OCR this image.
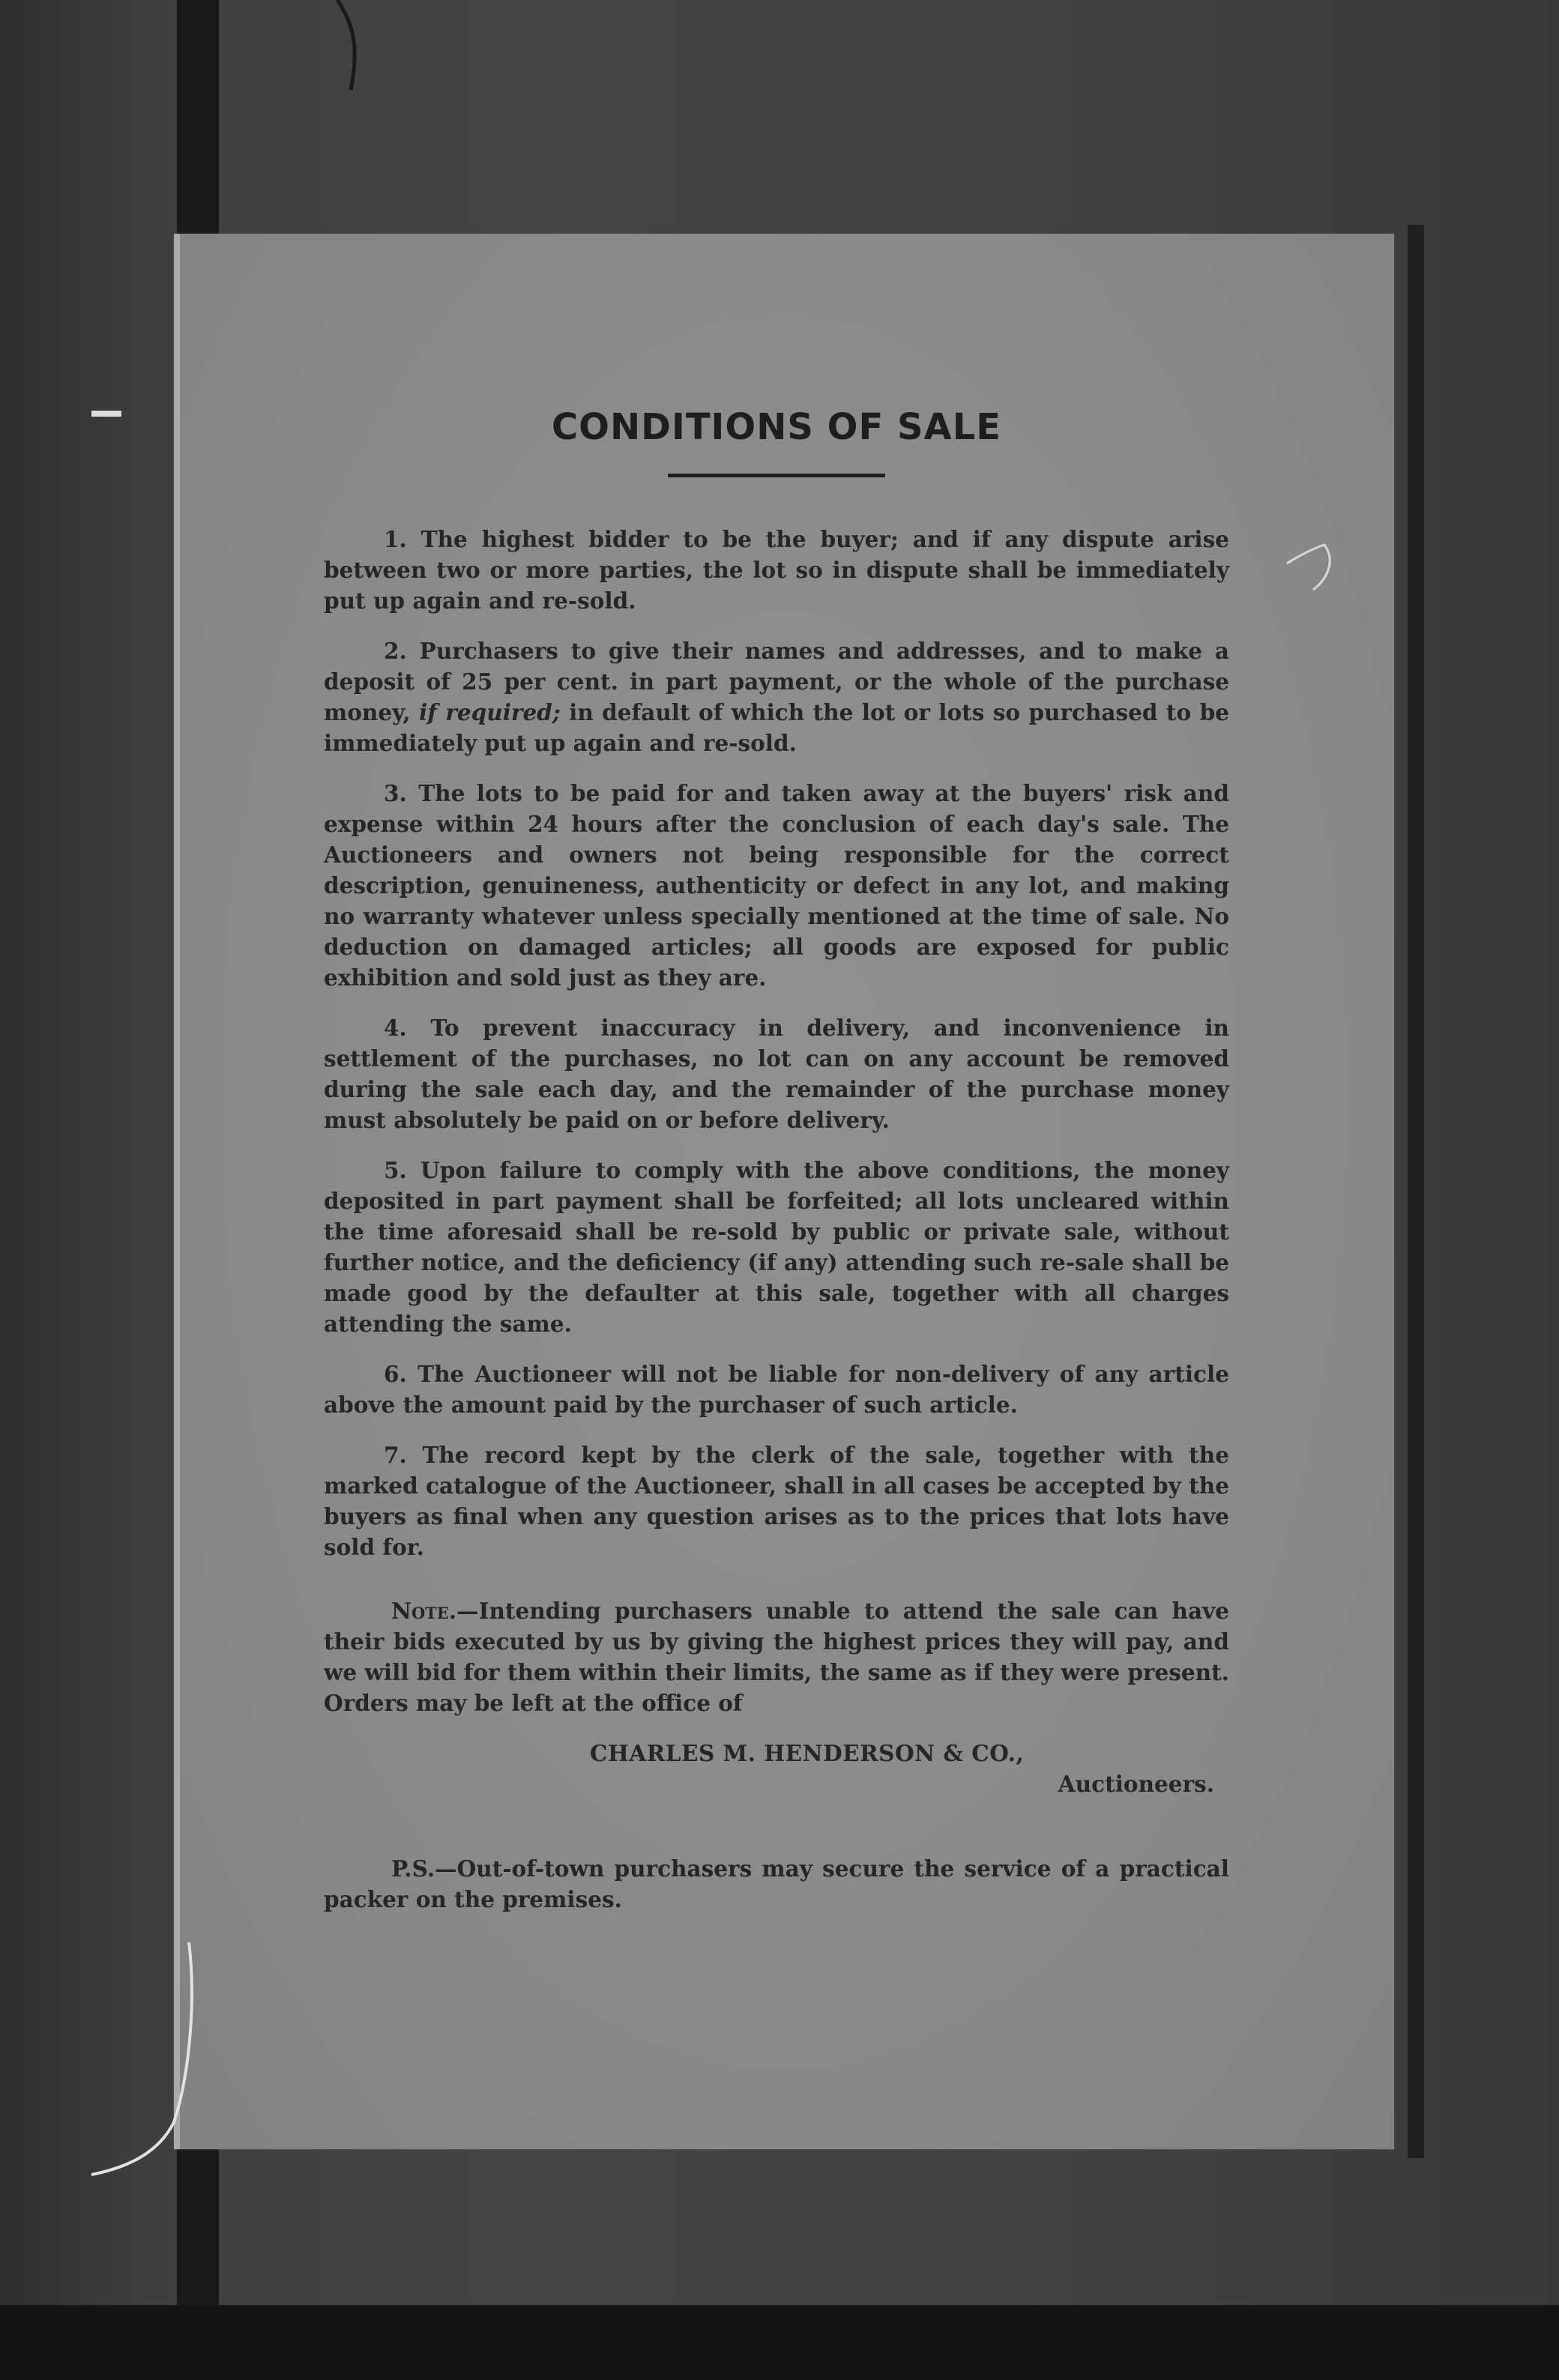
CONDITIONS OF SALE

1. The highest bidder to be the buyer; and if any dispute arise between two or more parties, the lot so in dispute shall be immediately put up again and re-sold.

2. Purchasers to give their names and addresses, and to make a deposit of 25 per cent. in part payment, or the whole of the purchase money, if required; in default of which the lot or lots so purchased to be immediately put up again and re-sold.

3. The lots to be paid for and taken away at the buyers' risk and expense within 24 hours after the conclusion of each day's sale. The Auctioneers and owners not being responsible for the correct description, genuineness, authenticity or defect in any lot, and making no warranty whatever unless specially mentioned at the time of sale. No deduction on damaged articles; all goods are exposed for public exhibition and sold just as they are.

4. To prevent inaccuracy in delivery, and inconvenience in settlement of the purchases, no lot can on any account be removed during the sale each day, and the remainder of the purchase money must absolutely be paid on or before delivery.

5. Upon failure to comply with the above conditions, the money deposited in part payment shall be forfeited; all lots uncleared within the time aforesaid shall be re-sold by public or private sale, without further notice, and the deficiency (if any) attending such re-sale shall be made good by the defaulter at this sale, together with all charges attending the same.

6. The Auctioneer will not be liable for non-delivery of any article above the amount paid by the purchaser of such article.

7. The record kept by the clerk of the sale, together with the marked catalogue of the Auctioneer, shall in all cases be accepted by the buyers as final when any question arises as to the prices that lots have sold for.

Note.—Intending purchasers unable to attend the sale can have their bids executed by us by giving the highest prices they will pay, and we will bid for them within their limits, the same as if they were present. Orders may be left at the office of

CHARLES M. HENDERSON & CO.,
Auctioneers.

P.S.—Out-of-town purchasers may secure the service of a practical packer on the premises.
